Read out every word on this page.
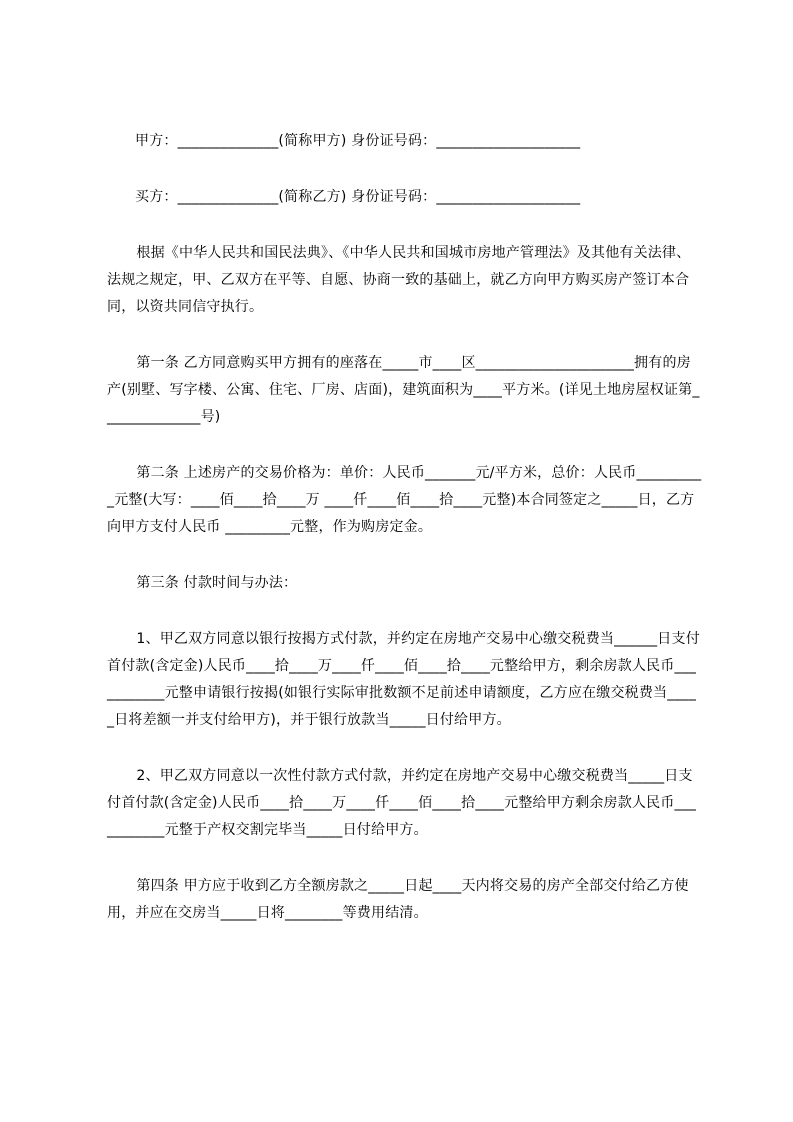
甲方：______________(简称甲方) 身份证号码：____________________

买方：______________(简称乙方) 身份证号码：____________________

根据《中华人民共和国民法典》、《中华人民共和国城市房地产管理法》及其他有关法律、法规之规定，甲、乙双方在平等、自愿、协商一致的基础上，就乙方向甲方购买房产签订本合同，以资共同信守执行。

第一条 乙方同意购买甲方拥有的座落在_____市____区______________________拥有的房产(别墅、写字楼、公寓、住宅、厂房、店面)，建筑面积为____平方米。(详见土地房屋权证第______________号)

第二条 上述房产的交易价格为：单价：人民币_______元/平方米，总价：人民币__________元整(大写：____佰____拾____万 ____仟____佰____拾____元整)本合同签定之_____日，乙方向甲方支付人民币 _________元整，作为购房定金。

第三条 付款时间与办法：

1、甲乙双方同意以银行按揭方式付款，并约定在房地产交易中心缴交税费当______日支付首付款(含定金)人民币____拾____万____仟____佰____拾____元整给甲方，剩余房款人民币___________元整申请银行按揭(如银行实际审批数额不足前述申请额度，乙方应在缴交税费当_____日将差额一并支付给甲方)，并于银行放款当_____日付给甲方。

2、甲乙双方同意以一次性付款方式付款，并约定在房地产交易中心缴交税费当_____日支付首付款(含定金)人民币____拾____万____仟____佰____拾____元整给甲方剩余房款人民币___________元整于产权交割完毕当_____日付给甲方。

第四条 甲方应于收到乙方全额房款之_____日起____天内将交易的房产全部交付给乙方使用，并应在交房当_____日将________等费用结清。
